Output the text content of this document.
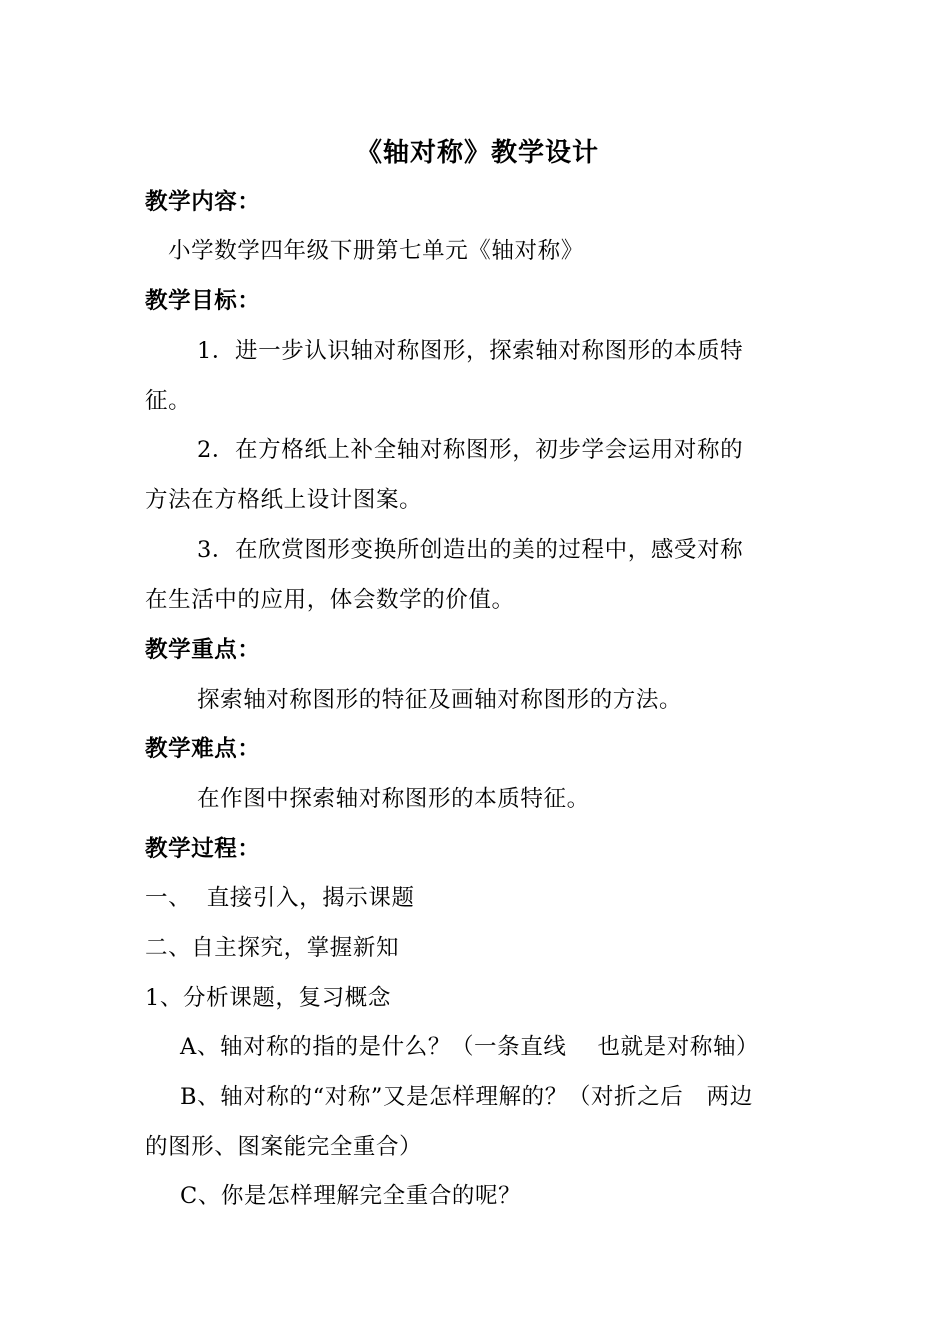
《轴对称》教学设计
教学内容：
小学数学四年级下册第七单元《轴对称》
教学目标：
1．进一步认识轴对称图形，探索轴对称图形的本质特
征。
2．在方格纸上补全轴对称图形，初步学会运用对称的
方法在方格纸上设计图案。
3．在欣赏图形变换所创造出的美的过程中，感受对称
在生活中的应用，体会数学的价值。
教学重点：
探索轴对称图形的特征及画轴对称图形的方法。
教学难点：
在作图中探索轴对称图形的本质特征。
教学过程：
一、  直接引入，揭示课题
二、自主探究，掌握新知
1、分析课题，复习概念
A、轴对称的指的是什么？（一条直线    也就是对称轴）
B、轴对称的“对称”又是怎样理解的？（对折之后   两边
的图形、图案能完全重合）
C、你是怎样理解完全重合的呢？
